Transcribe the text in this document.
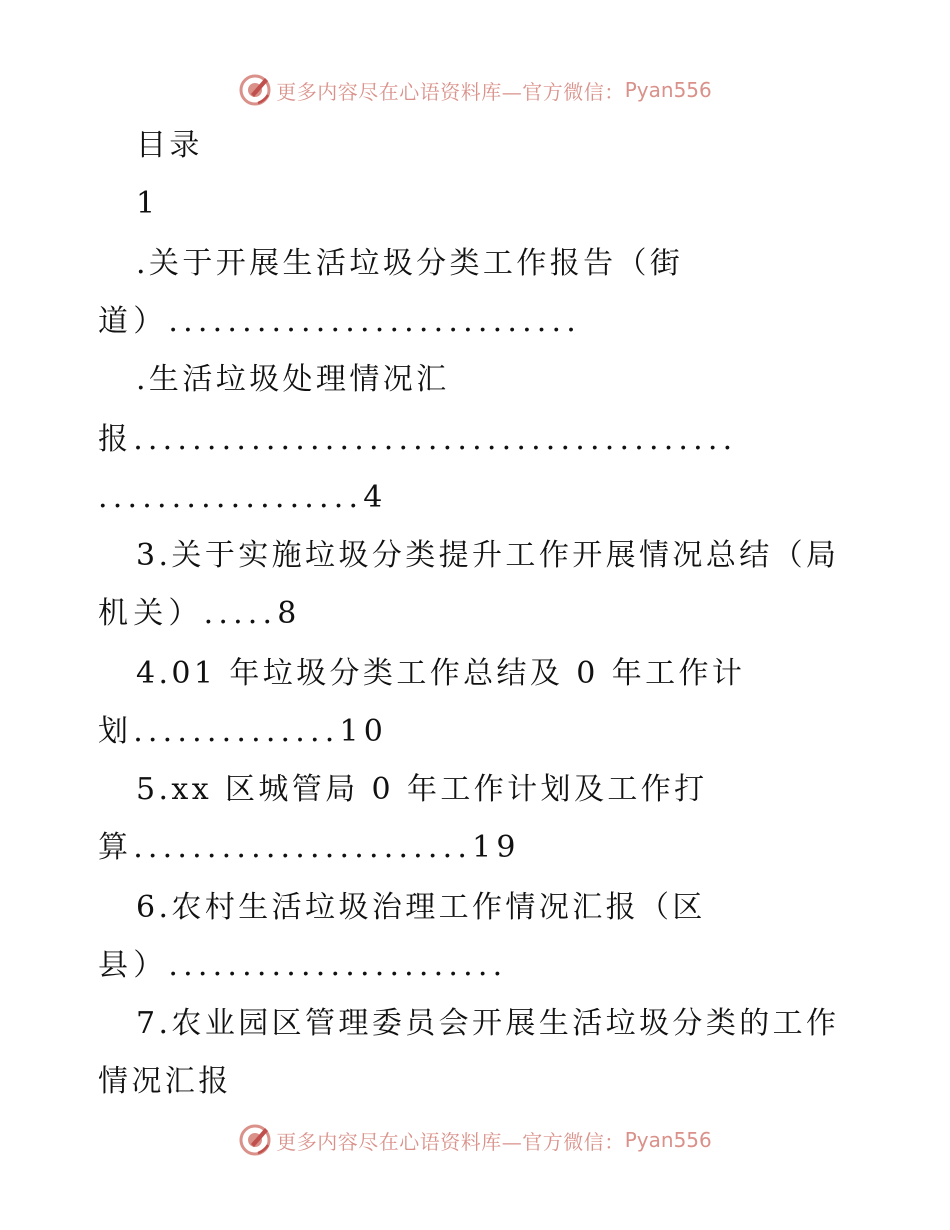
更多内容尽在心语资料库—官方微信： Pyan556
目录
1
.关于开展生活垃圾分类工作报告（街
道）............................
.生活垃圾处理情况汇
报.........................................
..................4
3.关于实施垃圾分类提升工作开展情况总结（局
机关）.....8
4.01 年垃圾分类工作总结及 0 年工作计
划..............10
5.xx 区城管局 0 年工作计划及工作打
算.......................19
6.农村生活垃圾治理工作情况汇报（区
县）.......................
7.农业园区管理委员会开展生活垃圾分类的工作
情况汇报
更多内容尽在心语资料库—官方微信： Pyan556
